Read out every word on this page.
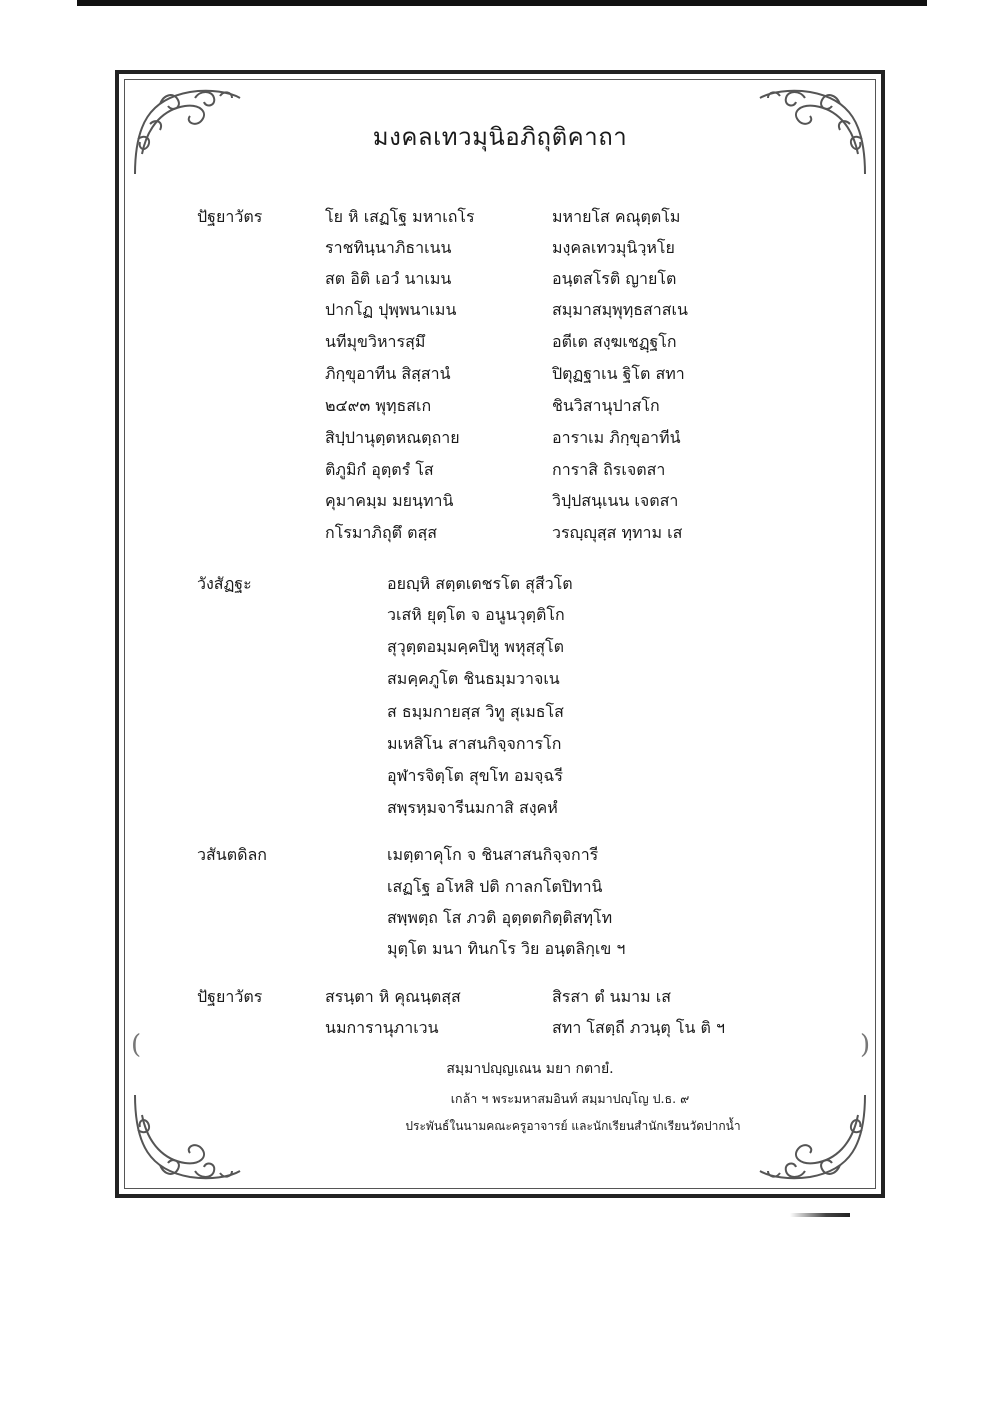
(	)
มงคลเทวมุนิอภิถุติคาถา
ปัฐยาวัตร	โย หิ เสฏโฐ มหาเถโร	มหายโส คณุตฺตโม
ราชทินฺนาภิธาเนน	มงฺคลเทวมุนิวฺหโย
สต อิติ เอวํ นาเมน	อนฺตสโรติ ญายโต
ปากโฏ ปุพฺพนาเมน	สมฺมาสมฺพุทฺธสาสเน
นทีมุขวิหารสฺมึ	อตีเต สงฺฆเชฏฺฐโก
ภิกฺขุอาทีน สิสฺสานํ	ปิตุฏฐาเน ฐิโต สทา
๒๔๙๓ พุทฺธสเก	ชินวิสานุปาสโก
สิปฺปานุตฺตหณตฺถาย	อาราเม ภิกฺขุอาทีนํ
ติภูมิกํ อุตฺตรํ โส	การาสิ ถิรเจตสา
คุมาคมฺม มยนฺทานิ	วิปฺปสนฺเนน เจตสา
กโรมาภิถุตึ ตสฺส	วรญฺญุสฺส ทฺทาม เส
วังสัฏฐะ	อยญฺหิ สตฺตเตชรโต สุสีวโต
วเสหิ ยุตฺโต จ อนูนวุตฺติโก
สุวุตฺตอมฺมคฺคปิหู พหุสฺสุโต
สมคฺคภูโต ชินธมฺมวาจเน
ส ธมฺมกายสฺส วิทู สุเมธโส
มเหสิโน สาสนกิจฺจการโก
อุฬารจิตฺโต สุขโท อมจฺฉรี
สพฺรหฺมจารีนมกาสิ สงฺคหํ
วสันตดิลก	เมตฺตาคุโก จ ชินสาสนกิจฺจการี
เสฏโฐ อโหสิ ปติ กาลกโตปิทานิ
สพฺพตฺถ โส ภวติ อุตฺตตกิตฺติสทฺโท
มุตฺโต มนา ทินกโร วิย อนฺตลิกฺเข ฯ
ปัฐยาวัตร	สรนฺตา หิ คุณนฺตสฺส	สิรสา ตํ นมาม เส
นมการานุภาเวน	สทา โสตฺถี ภวนฺตุ โน ติ ฯ
สมฺมาปญฺญเณน มยา กตายํ.
เกล้า ฯ พระมหาสมอินท์ สมฺมาปญฺโญ ป.ธ. ๙
ประพันธ์ในนามคณะครูอาจารย์ และนักเรียนสำนักเรียนวัดปากน้ำ
